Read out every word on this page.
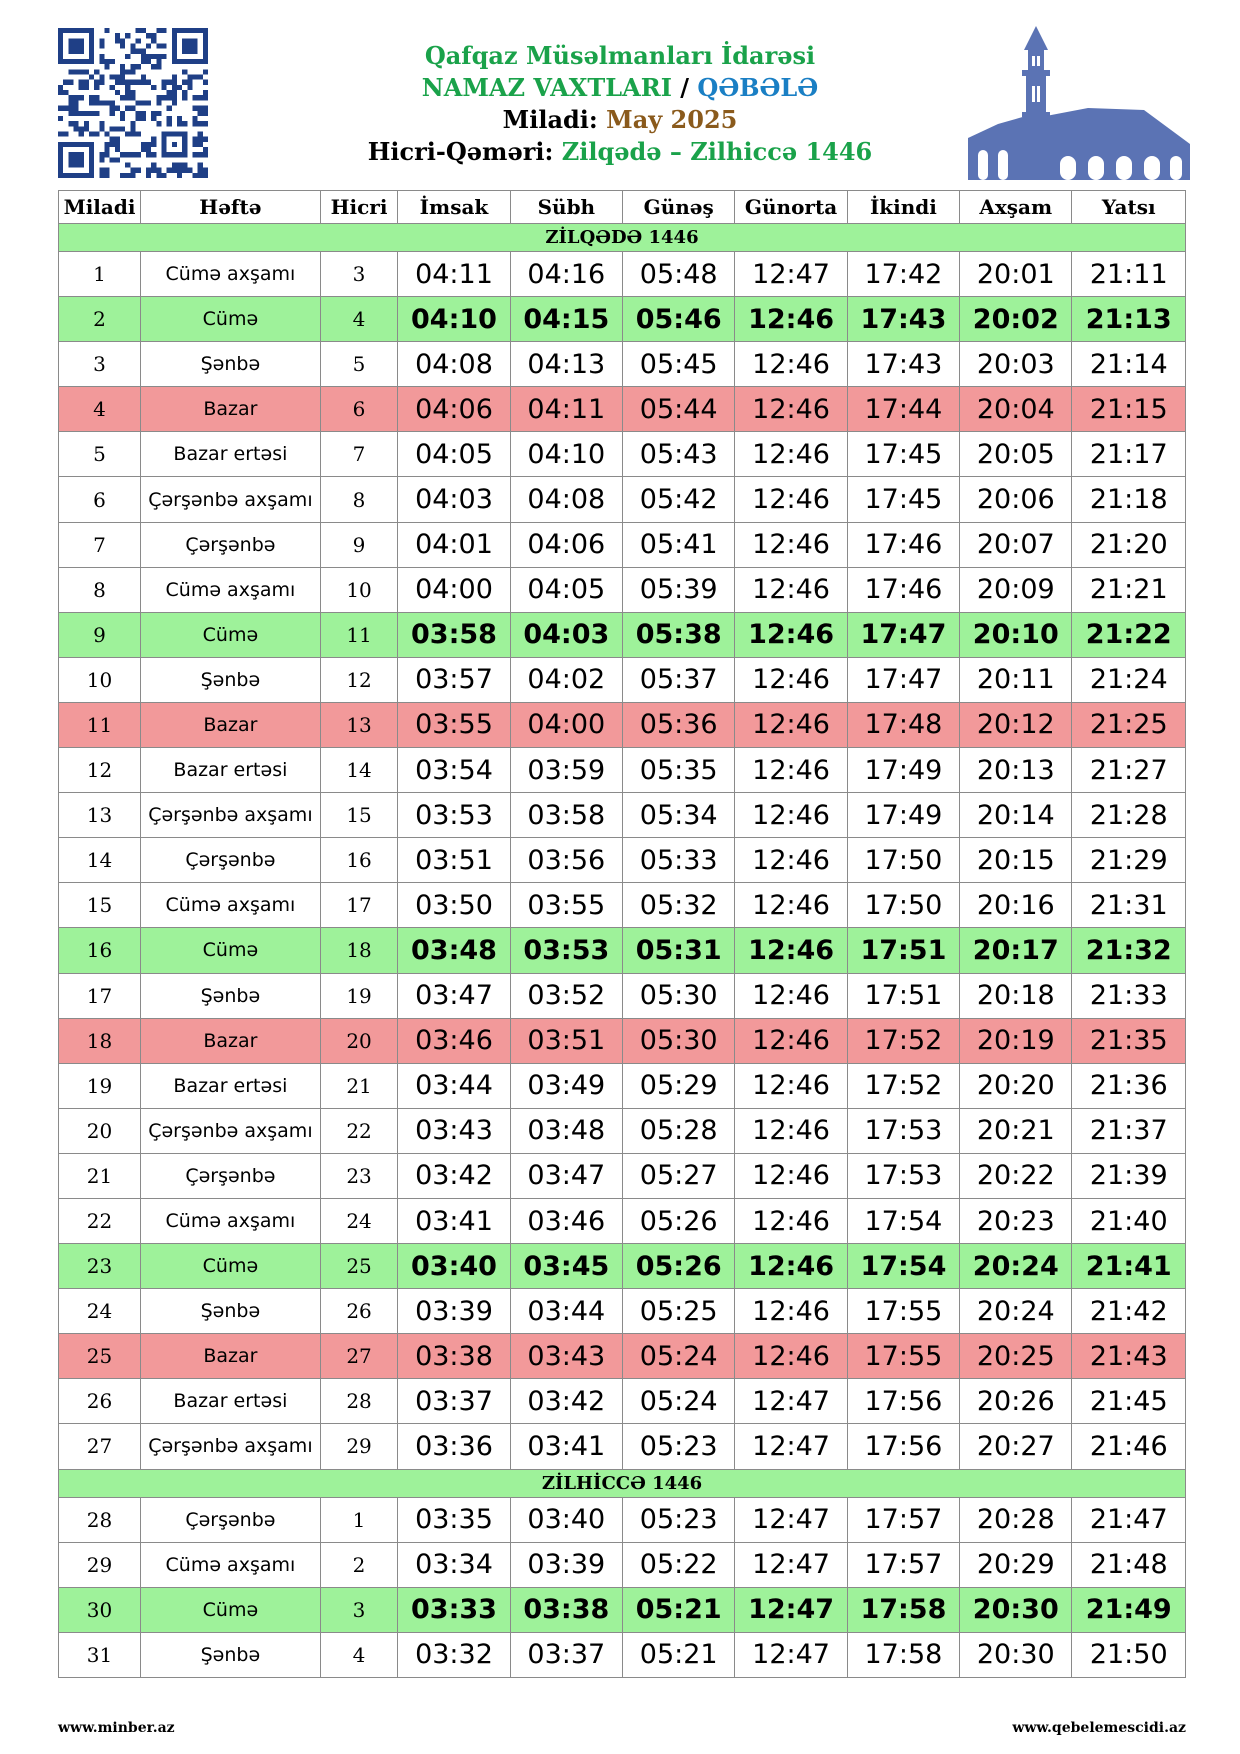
Qafqaz Müsəlmanları İdarəsi
NAMAZ VAXTLARI / QƏBƏLƏ
Miladi: May 2025
Hicri-Qəməri: Zilqədə – Zilhiccə 1446
Miladi	Həftə	Hicri	İmsak	Sübh	Günəş	Günorta	İkindi	Axşam	Yatsı
ZİLQƏDƏ 1446									
1	Cümə axşamı	3	04:11	04:16	05:48	12:47	17:42	20:01	21:11
2	Cümə	4	04:10	04:15	05:46	12:46	17:43	20:02	21:13
3	Şənbə	5	04:08	04:13	05:45	12:46	17:43	20:03	21:14
4	Bazar	6	04:06	04:11	05:44	12:46	17:44	20:04	21:15
5	Bazar ertəsi	7	04:05	04:10	05:43	12:46	17:45	20:05	21:17
6	Çərşənbə axşamı	8	04:03	04:08	05:42	12:46	17:45	20:06	21:18
7	Çərşənbə	9	04:01	04:06	05:41	12:46	17:46	20:07	21:20
8	Cümə axşamı	10	04:00	04:05	05:39	12:46	17:46	20:09	21:21
9	Cümə	11	03:58	04:03	05:38	12:46	17:47	20:10	21:22
10	Şənbə	12	03:57	04:02	05:37	12:46	17:47	20:11	21:24
11	Bazar	13	03:55	04:00	05:36	12:46	17:48	20:12	21:25
12	Bazar ertəsi	14	03:54	03:59	05:35	12:46	17:49	20:13	21:27
13	Çərşənbə axşamı	15	03:53	03:58	05:34	12:46	17:49	20:14	21:28
14	Çərşənbə	16	03:51	03:56	05:33	12:46	17:50	20:15	21:29
15	Cümə axşamı	17	03:50	03:55	05:32	12:46	17:50	20:16	21:31
16	Cümə	18	03:48	03:53	05:31	12:46	17:51	20:17	21:32
17	Şənbə	19	03:47	03:52	05:30	12:46	17:51	20:18	21:33
18	Bazar	20	03:46	03:51	05:30	12:46	17:52	20:19	21:35
19	Bazar ertəsi	21	03:44	03:49	05:29	12:46	17:52	20:20	21:36
20	Çərşənbə axşamı	22	03:43	03:48	05:28	12:46	17:53	20:21	21:37
21	Çərşənbə	23	03:42	03:47	05:27	12:46	17:53	20:22	21:39
22	Cümə axşamı	24	03:41	03:46	05:26	12:46	17:54	20:23	21:40
23	Cümə	25	03:40	03:45	05:26	12:46	17:54	20:24	21:41
24	Şənbə	26	03:39	03:44	05:25	12:46	17:55	20:24	21:42
25	Bazar	27	03:38	03:43	05:24	12:46	17:55	20:25	21:43
26	Bazar ertəsi	28	03:37	03:42	05:24	12:47	17:56	20:26	21:45
27	Çərşənbə axşamı	29	03:36	03:41	05:23	12:47	17:56	20:27	21:46
ZİLHİCCƏ 1446									
28	Çərşənbə	1	03:35	03:40	05:23	12:47	17:57	20:28	21:47
29	Cümə axşamı	2	03:34	03:39	05:22	12:47	17:57	20:29	21:48
30	Cümə	3	03:33	03:38	05:21	12:47	17:58	20:30	21:49
31	Şənbə	4	03:32	03:37	05:21	12:47	17:58	20:30	21:50
www.minber.az	www.qebelemescidi.az
